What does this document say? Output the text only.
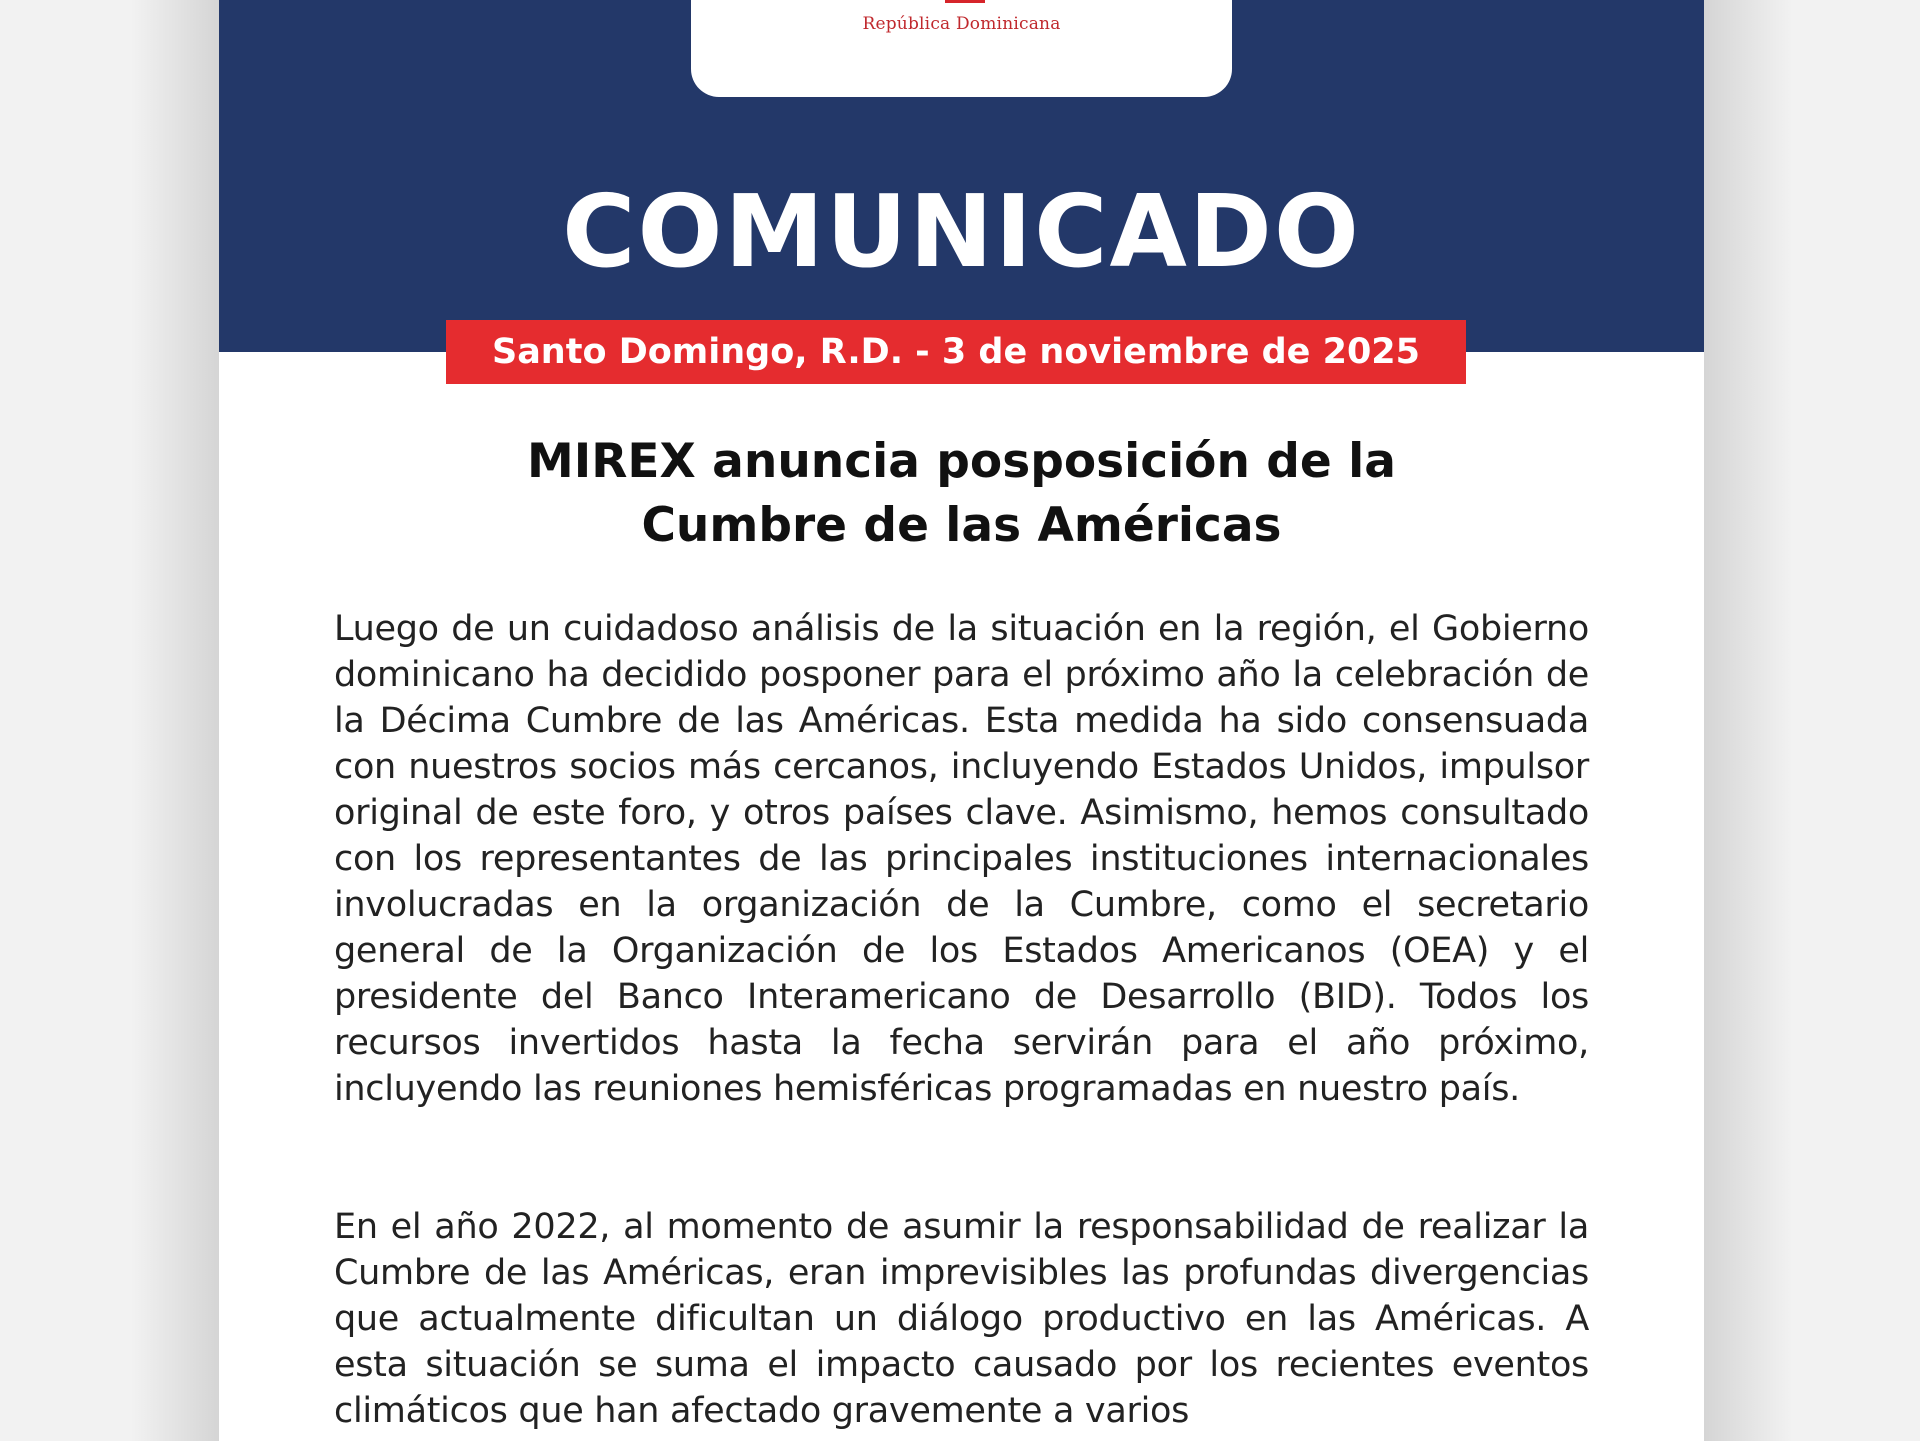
República Dominicana
COMUNICADO
Santo Domingo, R.D. - 3 de noviembre de 2025
MIREX anuncia posposición de la
Cumbre de las Américas

Luego de un cuidadoso análisis de la situación en la región, el Gobierno dominicano ha decidido posponer para el próximo año la celebración de la Décima Cumbre de las Américas. Esta medida ha sido consensuada con nuestros socios más cercanos, incluyendo Estados Unidos, impulsor original de este foro, y otros países clave. Asimismo, hemos consultado con los representantes de las principales instituciones internacionales involucradas en la organización de la Cumbre, como el secretario general de la Organización de los Estados Americanos (OEA) y el presidente del Banco Interamericano de Desarrollo (BID). Todos los recursos invertidos hasta la fecha servirán para el año próximo, incluyendo las reuniones hemisféricas programadas en nuestro país.

En el año 2022, al momento de asumir la responsabilidad de realizar la Cumbre de las Américas, eran imprevisibles las profundas divergencias que actualmente dificultan un diálogo productivo en las Américas. A esta situación se suma el impacto causado por los recientes eventos climáticos que han afectado gravemente a varios
